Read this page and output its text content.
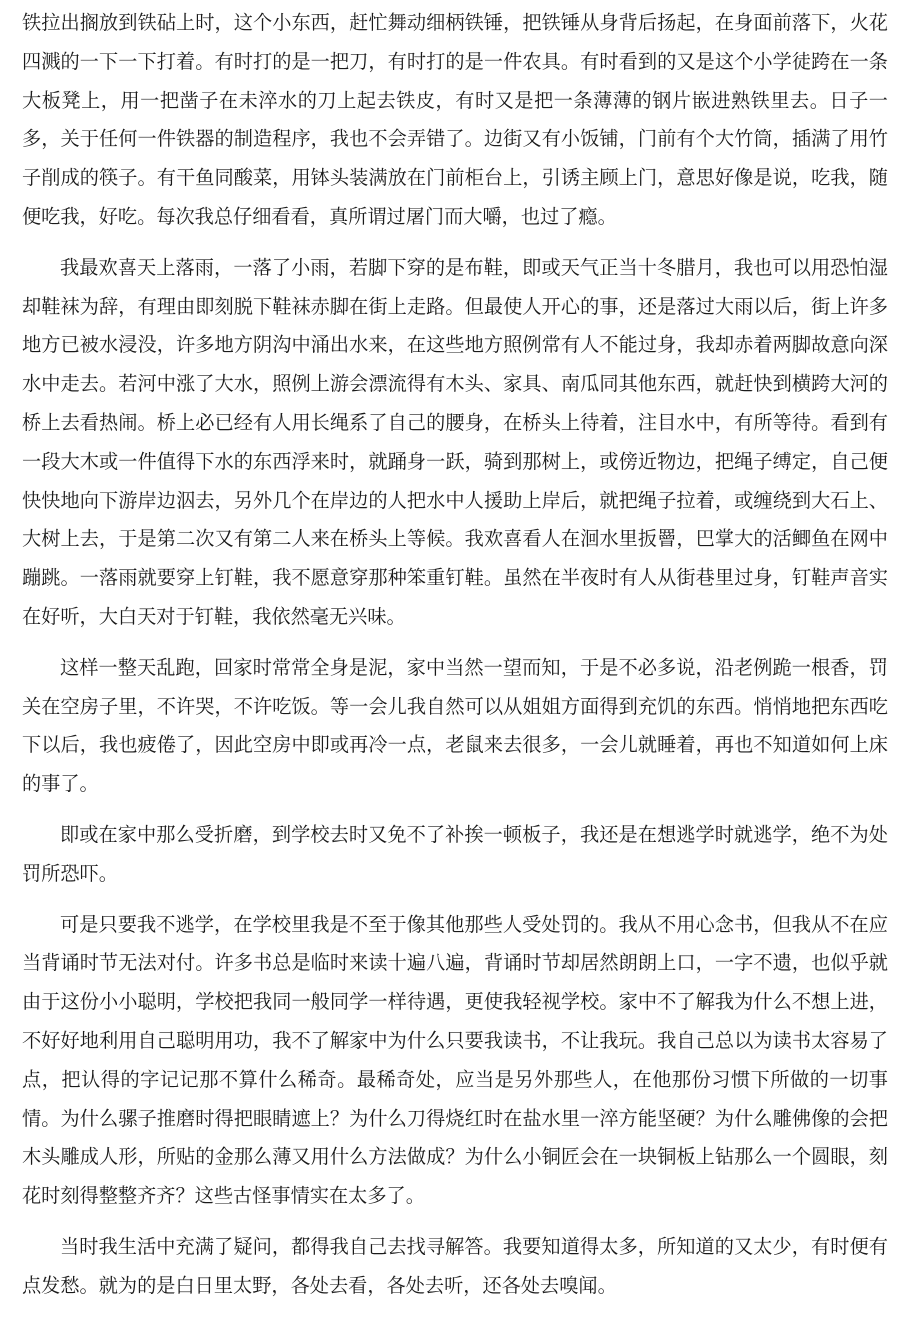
铁拉出搁放到铁砧上时，这个小东西，赶忙舞动细柄铁锤，把铁锤从身背后扬起，在身面前落下，火花四溅的一下一下打着。有时打的是一把刀，有时打的是一件农具。有时看到的又是这个小学徒跨在一条大板凳上，用一把凿子在未淬水的刀上起去铁皮，有时又是把一条薄薄的钢片嵌进熟铁里去。日子一多，关于任何一件铁器的制造程序，我也不会弄错了。边街又有小饭铺，门前有个大竹筒，插满了用竹子削成的筷子。有干鱼同酸菜，用钵头装满放在门前柜台上，引诱主顾上门，意思好像是说，吃我，随便吃我，好吃。每次我总仔细看看，真所谓过屠门而大嚼，也过了瘾。

我最欢喜天上落雨，一落了小雨，若脚下穿的是布鞋，即或天气正当十冬腊月，我也可以用恐怕湿却鞋袜为辞，有理由即刻脱下鞋袜赤脚在街上走路。但最使人开心的事，还是落过大雨以后，街上许多地方已被水浸没，许多地方阴沟中涌出水来，在这些地方照例常有人不能过身，我却赤着两脚故意向深水中走去。若河中涨了大水，照例上游会漂流得有木头、家具、南瓜同其他东西，就赶快到横跨大河的桥上去看热闹。桥上必已经有人用长绳系了自己的腰身，在桥头上待着，注目水中，有所等待。看到有一段大木或一件值得下水的东西浮来时，就踊身一跃，骑到那树上，或傍近物边，把绳子缚定，自己便快快地向下游岸边泅去，另外几个在岸边的人把水中人援助上岸后，就把绳子拉着，或缠绕到大石上、大树上去，于是第二次又有第二人来在桥头上等候。我欢喜看人在洄水里扳罾，巴掌大的活鲫鱼在网中蹦跳。一落雨就要穿上钉鞋，我不愿意穿那种笨重钉鞋。虽然在半夜时有人从街巷里过身，钉鞋声音实在好听，大白天对于钉鞋，我依然毫无兴味。

这样一整天乱跑，回家时常常全身是泥，家中当然一望而知，于是不必多说，沿老例跪一根香，罚关在空房子里，不许哭，不许吃饭。等一会儿我自然可以从姐姐方面得到充饥的东西。悄悄地把东西吃下以后，我也疲倦了，因此空房中即或再冷一点，老鼠来去很多，一会儿就睡着，再也不知道如何上床的事了。

即或在家中那么受折磨，到学校去时又免不了补挨一顿板子，我还是在想逃学时就逃学，绝不为处罚所恐吓。

可是只要我不逃学，在学校里我是不至于像其他那些人受处罚的。我从不用心念书，但我从不在应当背诵时节无法对付。许多书总是临时来读十遍八遍，背诵时节却居然朗朗上口，一字不遗，也似乎就由于这份小小聪明，学校把我同一般同学一样待遇，更使我轻视学校。家中不了解我为什么不想上进，不好好地利用自己聪明用功，我不了解家中为什么只要我读书，不让我玩。我自己总以为读书太容易了点，把认得的字记记那不算什么稀奇。最稀奇处，应当是另外那些人，在他那份习惯下所做的一切事情。为什么骡子推磨时得把眼睛遮上？为什么刀得烧红时在盐水里一淬方能坚硬？为什么雕佛像的会把木头雕成人形，所贴的金那么薄又用什么方法做成？为什么小铜匠会在一块铜板上钻那么一个圆眼，刻花时刻得整整齐齐？这些古怪事情实在太多了。

当时我生活中充满了疑问，都得我自己去找寻解答。我要知道得太多，所知道的又太少，有时便有点发愁。就为的是白日里太野，各处去看，各处去听，还各处去嗅闻。
